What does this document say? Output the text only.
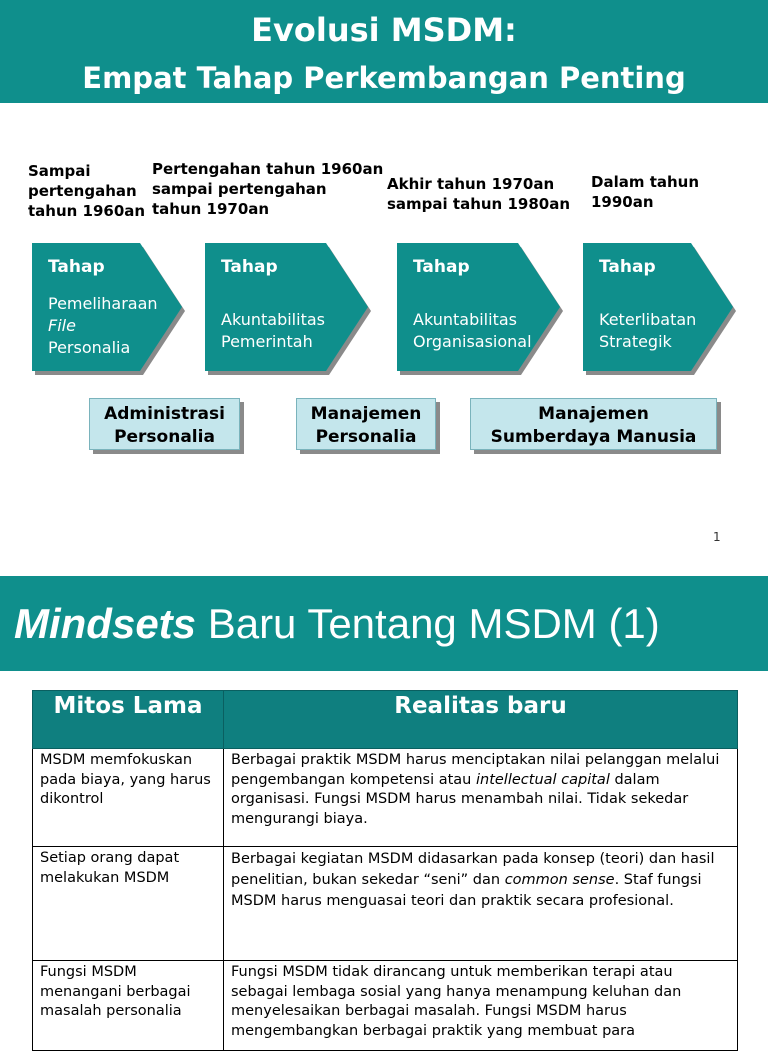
Evolusi MSDM:
Empat Tahap Perkembangan Penting
Sampai
pertengahan
tahun 1960an
Pertengahan tahun 1960an
sampai pertengahan
tahun 1970an
Akhir tahun 1970an
sampai tahun 1980an
Dalam tahun
1990an
Tahap
Pemeliharaan
File
Personalia
Tahap
Akuntabilitas
Pemerintah
Tahap
Akuntabilitas
Organisasional
Tahap
Keterlibatan
Strategik
Administrasi
Personalia
Manajemen
Personalia
Manajemen
Sumberdaya Manusia
1
Mindsets Baru Tentang MSDM (1)
Mitos Lama	Realitas baru
MSDM memfokuskan pada biaya, yang harus dikontrol	Berbagai praktik MSDM harus menciptakan nilai pelanggan melalui pengembangan kompetensi atau intellectual capital dalam organisasi. Fungsi MSDM harus menambah nilai. Tidak sekedar mengurangi biaya.
Setiap orang dapat melakukan MSDM	Berbagai kegiatan MSDM didasarkan pada konsep (teori) dan hasil penelitian, bukan sekedar “seni” dan common sense. Staf fungsi MSDM harus menguasai teori dan praktik secara profesional.
Fungsi MSDM menangani berbagai masalah personalia	Fungsi MSDM tidak dirancang untuk memberikan terapi atau sebagai lembaga sosial yang hanya menampung keluhan dan menyelesaikan berbagai masalah. Fungsi MSDM harus mengembangkan berbagai praktik yang membuat para
